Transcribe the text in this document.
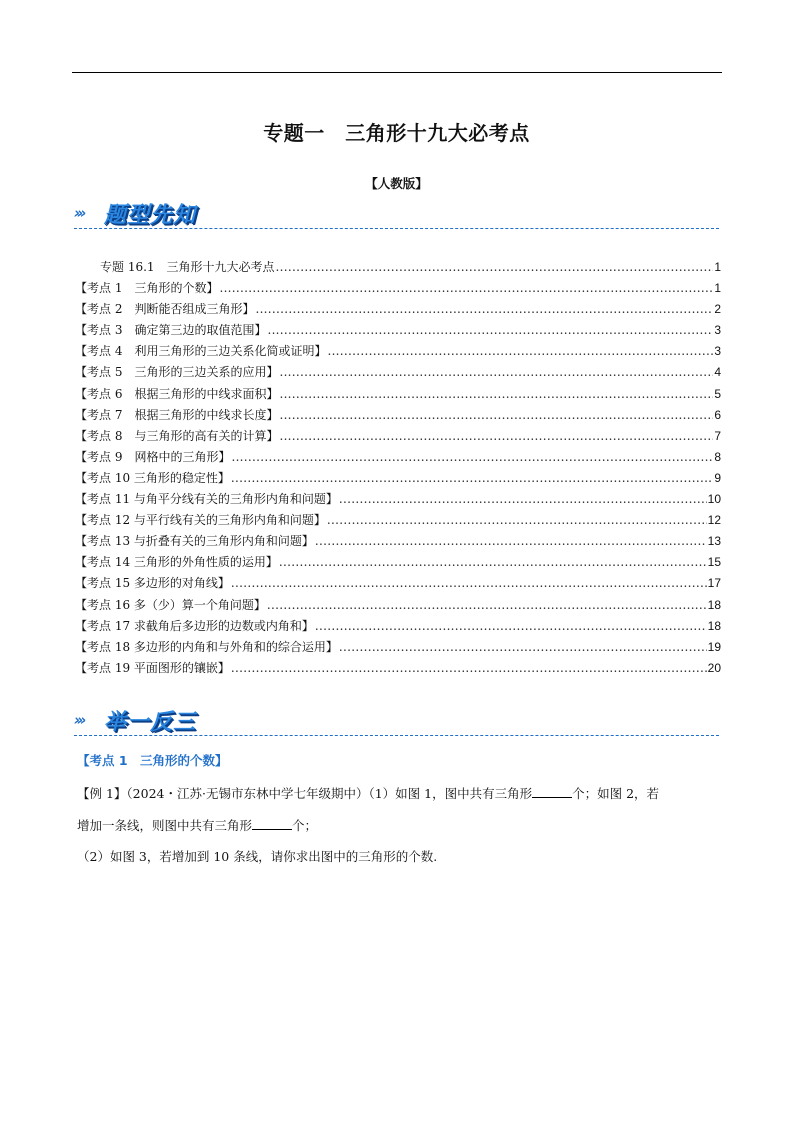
专题一　三角形十九大必考点
【人教版】
››› 题型先知
专题 16.1　三角形十九大必考点 .....	1
【考点 1　三角形的个数】 .....	1
【考点 2　判断能否组成三角形】 .....	2
【考点 3　确定第三边的取值范围】 .....	3
【考点 4　利用三角形的三边关系化简或证明】 .....	3
【考点 5　三角形的三边关系的应用】 .....	4
【考点 6　根据三角形的中线求面积】 .....	5
【考点 7　根据三角形的中线求长度】 .....	6
【考点 8　与三角形的高有关的计算】 .....	7
【考点 9　网格中的三角形】 .....	8
【考点 10 三角形的稳定性】 .....	9
【考点 11 与角平分线有关的三角形内角和问题】 .....	10
【考点 12 与平行线有关的三角形内角和问题】 .....	12
【考点 13 与折叠有关的三角形内角和问题】 .....	13
【考点 14 三角形的外角性质的运用】 .....	15
【考点 15 多边形的对角线】 .....	17
【考点 16 多（少）算一个角问题】 .....	18
【考点 17 求截角后多边形的边数或内角和】 .....	18
【考点 18 多边形的内角和与外角和的综合运用】 .....	19
【考点 19 平面图形的镶嵌】 .....	20
››› 举一反三
【考点 1　三角形的个数】
【例 1】（2024・江苏·无锡市东林中学七年级期中）（1）如图 1，图中共有三角形	个；如图 2，若
增加一条线，则图中共有三角形	个；
（2）如图 3，若增加到 10 条线，请你求出图中的三角形的个数.
